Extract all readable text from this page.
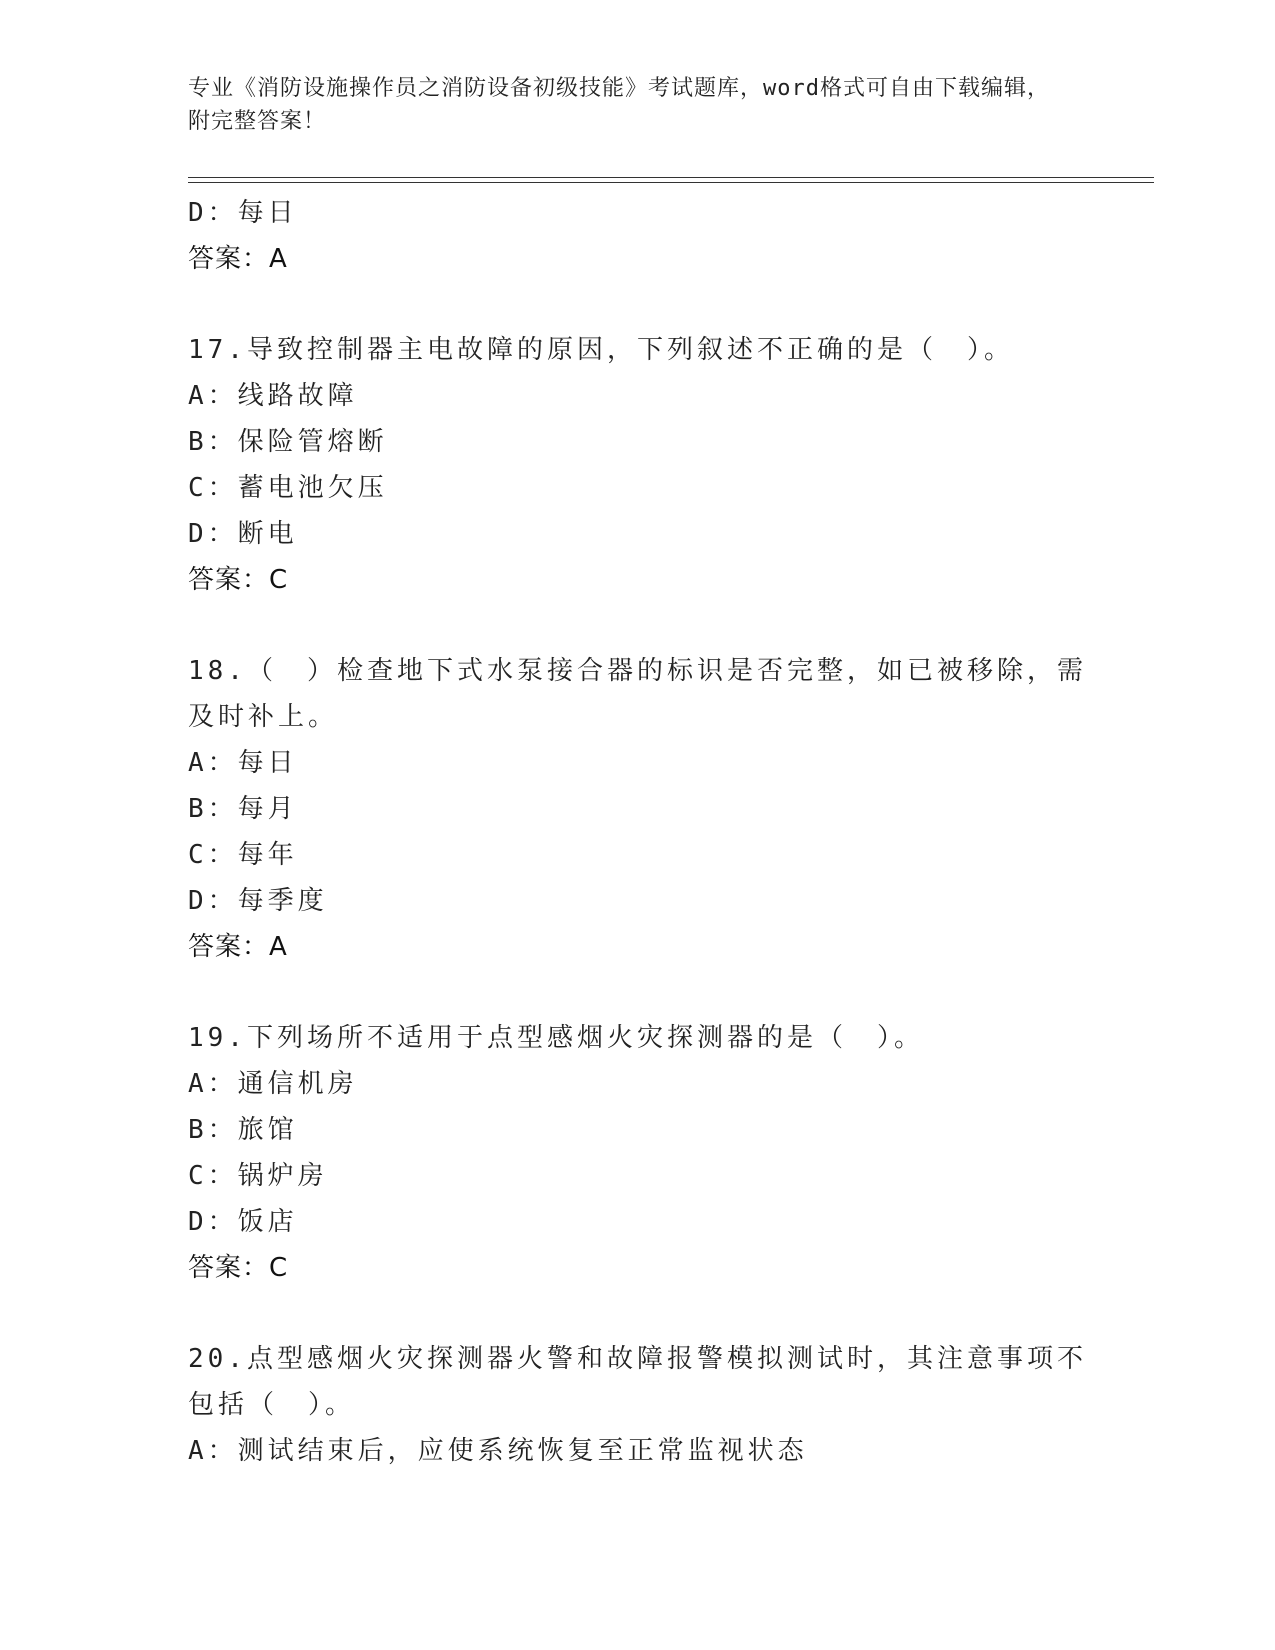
专业《消防设施操作员之消防设备初级技能》考试题库，word格式可自由下载编辑，附完整答案！

D：每日
答案：A
17.导致控制器主电故障的原因，下列叙述不正确的是（　）。
A：线路故障
B：保险管熔断
C：蓄电池欠压
D：断电
答案：C
18.（　）检查地下式水泵接合器的标识是否完整，如已被移除，需及时补上。
A：每日
B：每月
C：每年
D：每季度
答案：A
19.下列场所不适用于点型感烟火灾探测器的是（　）。
A：通信机房
B：旅馆
C：锅炉房
D：饭店
答案：C
20.点型感烟火灾探测器火警和故障报警模拟测试时，其注意事项不包括（　）。
A：测试结束后，应使系统恢复至正常监视状态
